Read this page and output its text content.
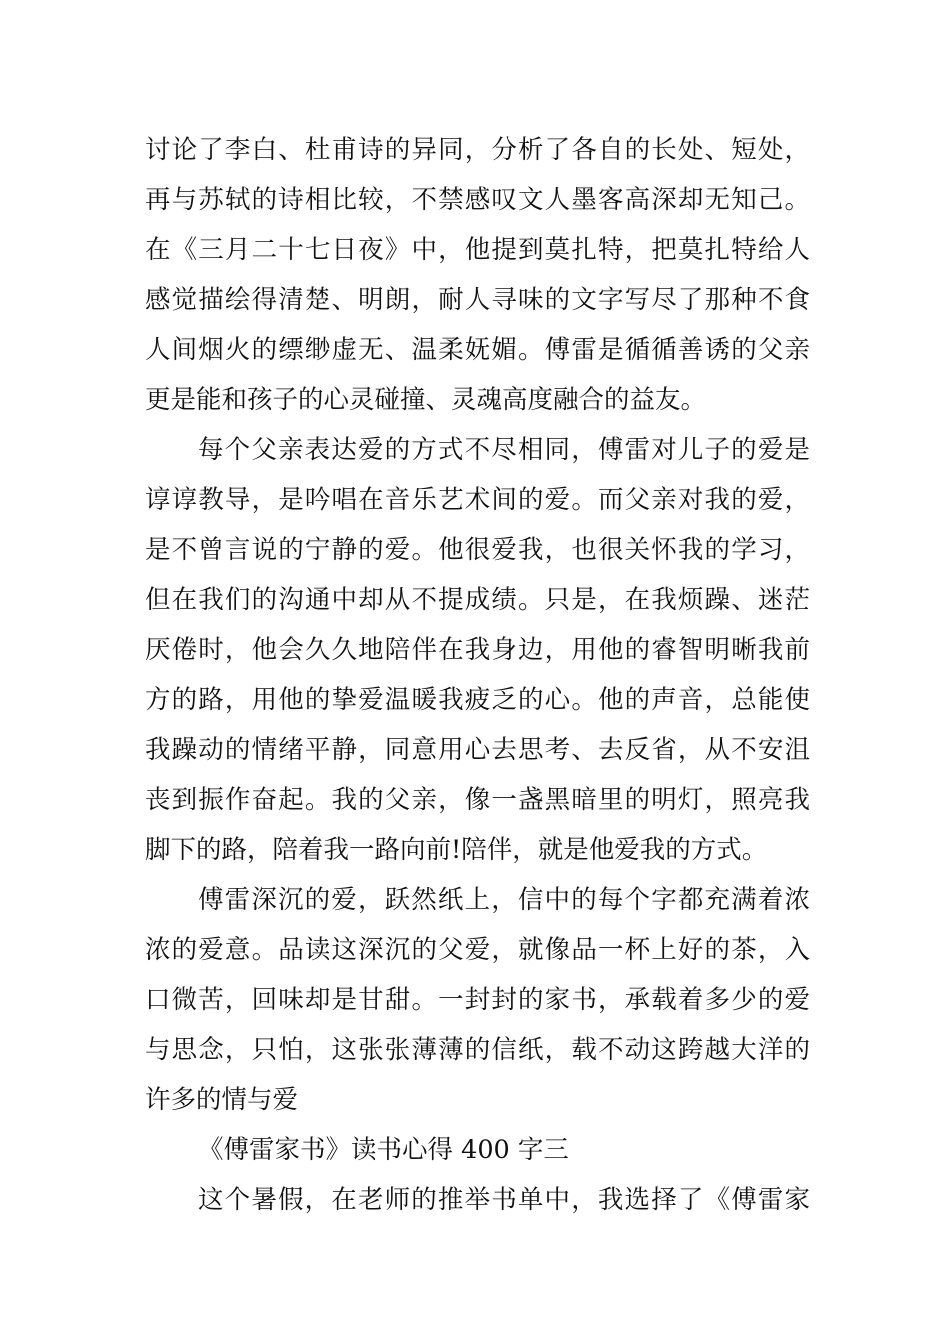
讨论了李白、杜甫诗的异同，分析了各自的长处、短处，
再与苏轼的诗相比较，不禁感叹文人墨客高深却无知己。
在《三月二十七日夜》中，他提到莫扎特，把莫扎特给人
感觉描绘得清楚、明朗，耐人寻味的文字写尽了那种不食
人间烟火的缥缈虚无、温柔妩媚。傅雷是循循善诱的父亲
更是能和孩子的心灵碰撞、灵魂高度融合的益友。
每个父亲表达爱的方式不尽相同，傅雷对儿子的爱是
谆谆教导，是吟唱在音乐艺术间的爱。而父亲对我的爱，
是不曾言说的宁静的爱。他很爱我，也很关怀我的学习，
但在我们的沟通中却从不提成绩。只是，在我烦躁、迷茫
厌倦时，他会久久地陪伴在我身边，用他的睿智明晰我前
方的路，用他的挚爱温暖我疲乏的心。他的声音，总能使
我躁动的情绪平静，同意用心去思考、去反省，从不安沮
丧到振作奋起。我的父亲，像一盏黑暗里的明灯，照亮我
脚下的路，陪着我一路向前!陪伴，就是他爱我的方式。
傅雷深沉的爱，跃然纸上，信中的每个字都充满着浓
浓的爱意。品读这深沉的父爱，就像品一杯上好的茶，入
口微苦，回味却是甘甜。一封封的家书，承载着多少的爱
与思念，只怕，这张张薄薄的信纸，载不动这跨越大洋的
许多的情与爱
《傅雷家书》读书心得 400 字三
这个暑假，在老师的推举书单中，我选择了《傅雷家
